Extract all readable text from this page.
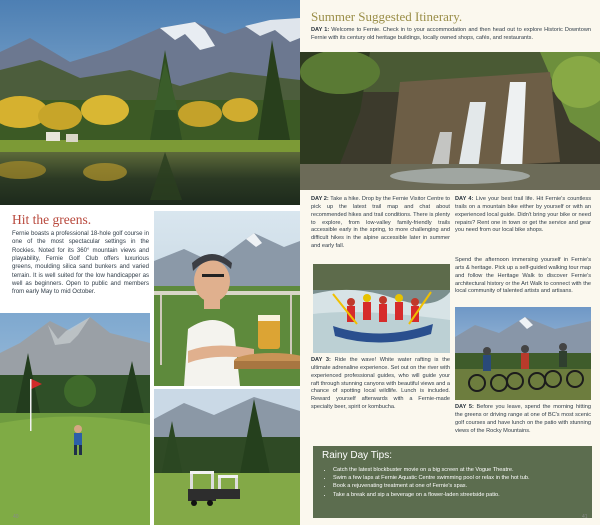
Hit the greens.
Fernie boasts a professional 18-hole golf course in one of the most spectacular settings in the Rockies. Noted for its 360° mountain views and playability, Fernie Golf Club offers luxurious greens, moulding silica sand bunkers and varied terrain. It is well suited for the low handicapper as well as beginners. Open to public and members from early May to mid October.
40
Summer Suggested Itinerary.
DAY 1: Welcome to Fernie. Check in to your accommodation and then head out to explore Historic Downtown Fernie with its century old heritage buildings, locally owned shops, cafés, and restaurants.
DAY 2: Take a hike. Drop by the Fernie Visitor Centre to pick up the latest trail map and chat about recommended hikes and trail conditions. There is plenty to explore, from low-valley family-friendly trails accessible early in the spring, to more challenging and difficult hikes in the alpine accessible later in summer and early fall.
DAY 4: Live your best trail life. Hit Fernie's countless trails on a mountain bike either by yourself or with an experienced local guide. Didn't bring your bike or need repairs? Rent one in town or get the service and gear you need from our local bike shops.
Spend the afternoon immersing yourself in Fernie's arts & heritage. Pick up a self-guided walking tour map and follow the Heritage Walk to discover Fernie's architectural history or the Art Walk to connect with the local community of talented artists and artisans.
DAY 3: Ride the wave! White water rafting is the ultimate adrenaline experience. Set out on the river with experienced professional guides, who will guide your raft through stunning canyons with beautiful views and a chance of spotting local wildlife. Lunch is included. Reward yourself afterwards with a Fernie-made specialty beer, spirit or kombucha.	DAY 5: Before you leave, spend the morning hitting the greens or driving range at one of BC's most scenic golf courses and have lunch on the patio with stunning views of the Rocky Mountains.
Rainy Day Tips:
• Catch the latest blockbuster movie on a big screen at the Vogue Theatre.
• Swim a few laps at Fernie Aquatic Centre swimming pool or relax in the hot tub.
• Book a rejuvenating treatment at one of Fernie's spas.
• Take a break and sip a beverage on a flower-laden streetside patio.
41
